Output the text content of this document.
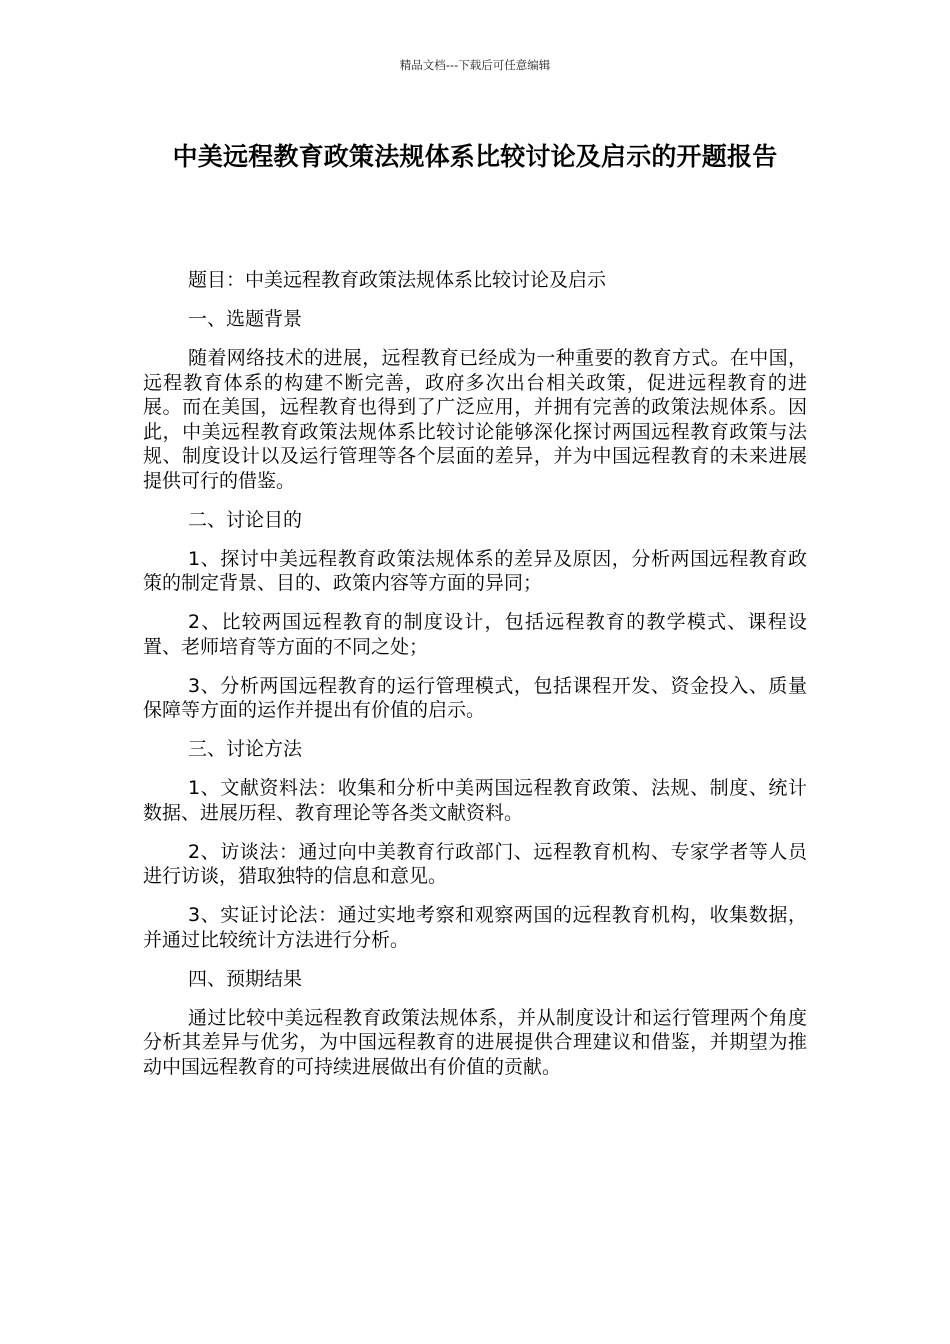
精品文档---下载后可任意编辑
中美远程教育政策法规体系比较讨论及启示的开题报告

题目：中美远程教育政策法规体系比较讨论及启示

一、选题背景

随着网络技术的进展，远程教育已经成为一种重要的教育方式。在中国，远程教育体系的构建不断完善，政府多次出台相关政策，促进远程教育的进展。而在美国，远程教育也得到了广泛应用，并拥有完善的政策法规体系。因此，中美远程教育政策法规体系比较讨论能够深化探讨两国远程教育政策与法规、制度设计以及运行管理等各个层面的差异，并为中国远程教育的未来进展提供可行的借鉴。

二、讨论目的

1、探讨中美远程教育政策法规体系的差异及原因，分析两国远程教育政策的制定背景、目的、政策内容等方面的异同；

2、比较两国远程教育的制度设计，包括远程教育的教学模式、课程设置、老师培育等方面的不同之处；

3、分析两国远程教育的运行管理模式，包括课程开发、资金投入、质量保障等方面的运作并提出有价值的启示。

三、讨论方法

1、文献资料法：收集和分析中美两国远程教育政策、法规、制度、统计数据、进展历程、教育理论等各类文献资料。

2、访谈法：通过向中美教育行政部门、远程教育机构、专家学者等人员进行访谈，猎取独特的信息和意见。

3、实证讨论法：通过实地考察和观察两国的远程教育机构，收集数据，并通过比较统计方法进行分析。

四、预期结果

通过比较中美远程教育政策法规体系，并从制度设计和运行管理两个角度分析其差异与优劣，为中国远程教育的进展提供合理建议和借鉴，并期望为推动中国远程教育的可持续进展做出有价值的贡献。
